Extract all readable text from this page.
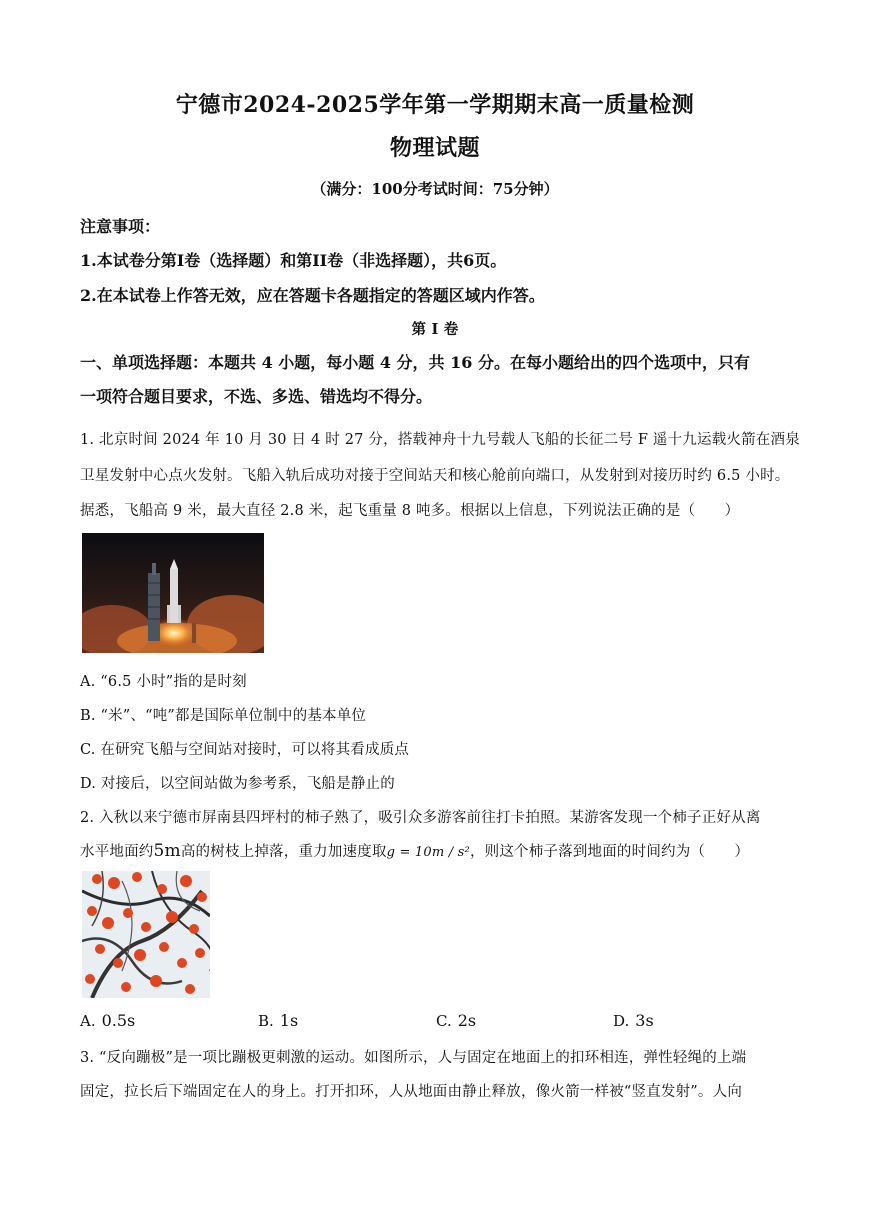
宁德市2024-2025学年第一学期期末高一质量检测
物理试题
（满分：100分考试时间：75分钟）
注意事项：
1.本试卷分第I卷（选择题）和第II卷（非选择题），共6页。
2.在本试卷上作答无效，应在答题卡各题指定的答题区域内作答。
第 I 卷
一、单项选择题：本题共 4 小题，每小题 4 分，共 16 分。在每小题给出的四个选项中，只有
一项符合题目要求，不选、多选、错选均不得分。
1. 北京时间 2024 年 10 月 30 日 4 时 27 分，搭载神舟十九号载人飞船的长征二号 F 遥十九运载火箭在酒泉
卫星发射中心点火发射。飞船入轨后成功对接于空间站天和核心舱前向端口，从发射到对接历时约 6.5 小时。
据悉，飞船高 9 米，最大直径 2.8 米，起飞重量 8 吨多。根据以上信息，下列说法正确的是（　　）
A. “6.5 小时”指的是时刻
B. “米”、“吨”都是国际单位制中的基本单位
C. 在研究飞船与空间站对接时，可以将其看成质点
D. 对接后，以空间站做为参考系，飞船是静止的
2. 入秋以来宁德市屏南县四坪村的柿子熟了，吸引众多游客前往打卡拍照。某游客发现一个柿子正好从离
水平地面约5m高的树枝上掉落，重力加速度取g = 10m / s²，则这个柿子落到地面的时间约为（　　）
A. 0.5s	B. 1s	C. 2s	D. 3s
3. “反向蹦极”是一项比蹦极更刺激的运动。如图所示，人与固定在地面上的扣环相连，弹性轻绳的上端
固定，拉长后下端固定在人的身上。打开扣环，人从地面由静止释放，像火箭一样被“竖直发射”。人向
